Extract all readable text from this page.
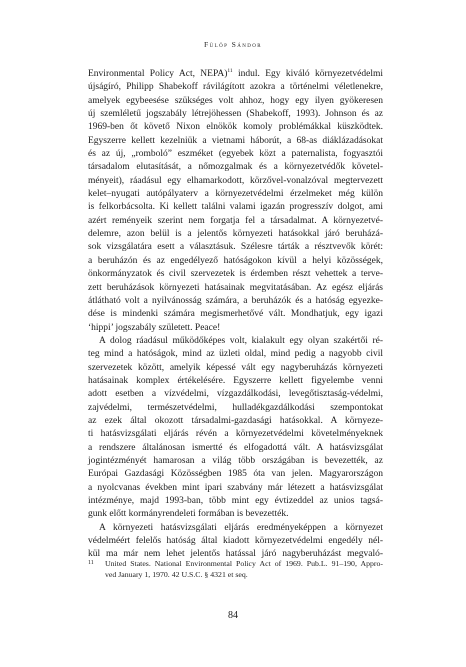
Fülöp Sándor
Environmental Policy Act, NEPA)$^{11}$ indul. Egy kiváló környezetvédelmi
újságíró, Philipp Shabekoff rávilágított azokra a történelmi véletlenekre,
amelyek egybeesése szükséges volt ahhoz, hogy egy ilyen gyökeresen
új szemléletű jogszabály létrejöhessen (Shabekoff, 1993). Johnson és az
1969-ben őt követő Nixon elnökök komoly problémákkal küszködtek.
Egyszerre kellett kezelniük a vietnami háborút, a 68-as diáklázadásokat
és az új, „romboló” eszméket (egyebek közt a paternalista, fogyasztói
társadalom elutasítását, a nőmozgalmak és a környezetvédők követel-
ményeit), ráadásul egy elhamarkodott, körzővel-vonalzóval megtervezett
kelet–nyugati autópályaterv a környezetvédelmi érzelmeket még külön
is felkorbácsolta. Ki kellett találni valami igazán progresszív dolgot, ami
azért reményeik szerint nem forgatja fel a társadalmat. A környezetvé-
delemre, azon belül is a jelentős környezeti hatásokkal járó beruházá-
sok vizsgálatára esett a választásuk. Szélesre tárták a résztvevők körét:
a beruházón és az engedélyező hatóságokon kívül a helyi közösségek,
önkormányzatok és civil szervezetek is érdemben részt vehettek a terve-
zett beruházások környezeti hatásainak megvitatásában. Az egész eljárás
átlátható volt a nyilvánosság számára, a beruházók és a hatóság egyezke-
dése is mindenki számára megismerhetővé vált. Mondhatjuk, egy igazi
‘hippi’ jogszabály született. Peace!
A dolog ráadásul működőképes volt, kialakult egy olyan szakértői ré-
teg mind a hatóságok, mind az üzleti oldal, mind pedig a nagyobb civil
szervezetek között, amelyik képessé vált egy nagyberuházás környezeti
hatásainak komplex értékelésére. Egyszerre kellett figyelembe venni
adott esetben a vízvédelmi, vízgazdálkodási, levegőtisztaság-védelmi,
zajvédelmi, természetvédelmi, hulladékgazdálkodási szempontokat
az ezek által okozott társadalmi-gazdasági hatásokkal. A környeze-
ti hatásvizsgálati eljárás révén a környezetvédelmi követelményeknek
a rendszere általánosan ismertté és elfogadottá vált. A hatásvizsgálat
jogintézményét hamarosan a világ több országában is bevezették, az
Európai Gazdasági Közösségben 1985 óta van jelen. Magyarországon
a nyolcvanas években mint ipari szabvány már létezett a hatásvizsgálat
intézménye, majd 1993-ban, több mint egy évtizeddel az unios tagsá-
gunk előtt kormányrendeleti formában is bevezették.
A környezeti hatásvizsgálati eljárás eredményeképpen a környezet
védelméért felelős hatóság által kiadott környezetvédelmi engedély nél-
kül ma már nem lehet jelentős hatással járó nagyberuházást megvaló-
11 United States. National Environmental Policy Act of 1969. Pub.L. 91–190, Appro-
ved January 1, 1970. 42 U.S.C. § 4321 et seq.
84
